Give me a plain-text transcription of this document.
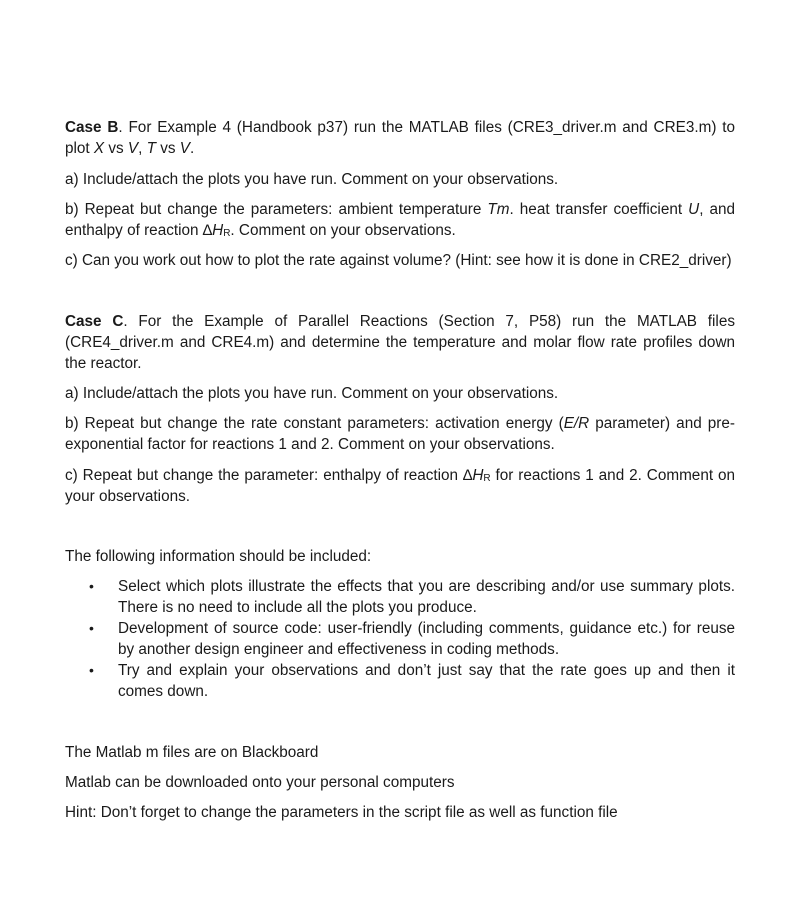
Case B. For Example 4 (Handbook p37) run the MATLAB files (CRE3_driver.m and CRE3.m) to plot X vs V, T vs V.

a) Include/attach the plots you have run. Comment on your observations.

b) Repeat but change the parameters: ambient temperature Tm. heat transfer coefficient U, and enthalpy of reaction $\Delta H_R$. Comment on your observations.

c) Can you work out how to plot the rate against volume? (Hint: see how it is done in CRE2_driver)

Case C. For the Example of Parallel Reactions (Section 7, P58) run the MATLAB files (CRE4_driver.m and CRE4.m) and determine the temperature and molar flow rate profiles down the reactor.

a) Include/attach the plots you have run. Comment on your observations.

b) Repeat but change the rate constant parameters: activation energy (E/R parameter) and pre-exponential factor for reactions 1 and 2. Comment on your observations.

c) Repeat but change the parameter: enthalpy of reaction $\Delta H_R$ for reactions 1 and 2. Comment on your observations.

The following information should be included:

• Select which plots illustrate the effects that you are describing and/or use summary plots. There is no need to include all the plots you produce.
• Development of source code: user-friendly (including comments, guidance etc.) for reuse by another design engineer and effectiveness in coding methods.
• Try and explain your observations and don’t just say that the rate goes up and then it comes down.

The Matlab m files are on Blackboard

Matlab can be downloaded onto your personal computers

Hint: Don’t forget to change the parameters in the script file as well as function file
